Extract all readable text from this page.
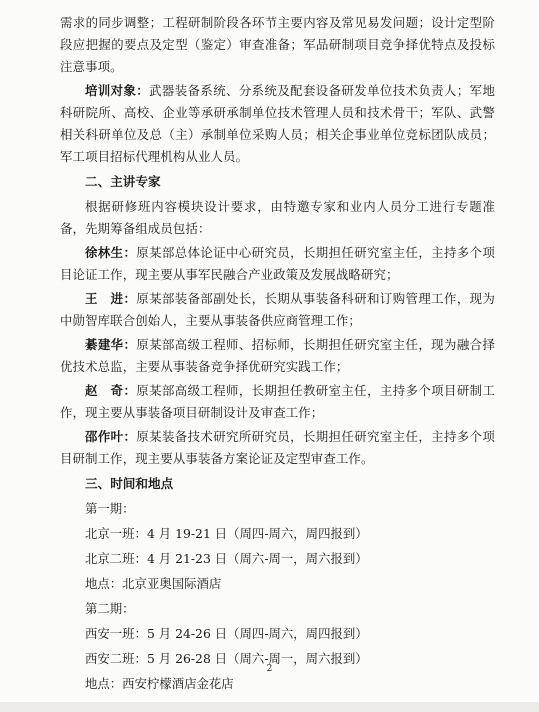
需求的同步调整；工程研制阶段各环节主要内容及常见易发问题；设计定型阶段应把握的要点及定型（鉴定）审查准备；军品研制项目竞争择优特点及投标注意事项。

培训对象：武器装备系统、分系统及配套设备研发单位技术负责人；军地科研院所、高校、企业等承研承制单位技术管理人员和技术骨干；军队、武警相关科研单位及总（主）承制单位采购人员；相关企事业单位竞标团队成员；军工项目招标代理机构从业人员。

二、主讲专家

根据研修班内容模块设计要求，由特邀专家和业内人员分工进行专题准备，先期筹备组成员包括：

徐林生：原某部总体论证中心研究员，长期担任研究室主任，主持多个项目论证工作，现主要从事军民融合产业政策及发展战略研究；

王　进：原某部装备部副处长，长期从事装备科研和订购管理工作，现为中勋智库联合创始人，主要从事装备供应商管理工作；

綦建华：原某部高级工程师、招标师，长期担任研究室主任，现为融合择优技术总监，主要从事装备竞争择优研究实践工作；

赵　奇：原某部高级工程师，长期担任教研室主任，主持多个项目研制工作，现主要从事装备项目研制设计及审查工作；

邵作叶：原某装备技术研究所研究员，长期担任研究室主任，主持多个项目研制工作，现主要从事装备方案论证及定型审查工作。

三、时间和地点
第一期：
北京一班：4 月 19-21 日（周四-周六，周四报到）
北京二班：4 月 21-23 日（周六-周一，周六报到）
地点：北京亚奥国际酒店
第二期：
西安一班：5 月 24-26 日（周四-周六，周四报到）
西安二班：5 月 26-28 日（周六-周一，周六报到）
地点：西安柠檬酒店金花店
2
